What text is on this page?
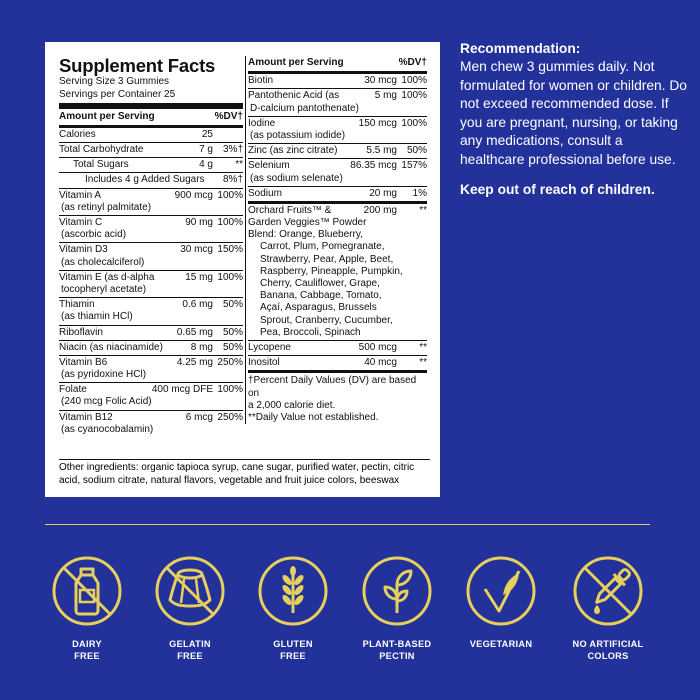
Supplement Facts
Serving Size 3 Gummies
Servings per Container 25
Amount per Serving	%DV†
Calories	25
Total Carbohydrate	7 g 3%†
Total Sugars	4 g	**
Includes 4 g Added Sugars	8%†
Vitamin A	900 mcg 100%
(as retinyl palmitate)
Vitamin C	90 mg 100%
(ascorbic acid)
Vitamin D3	30 mcg 150%
(as cholecalciferol)
Vitamin E (as d-alpha	15 mg 100%
tocopheryl acetate)
Thiamin	0.6 mg 50%
(as thiamin HCl)
Riboflavin	0.65 mg 50%
Niacin (as niacinamide)	8 mg 50%
Vitamin B6	4.25 mg 250%
(as pyridoxine HCl)
Folate	400 mcg DFE 100%
(240 mcg Folic Acid)
Vitamin B12	6 mcg 250%
(as cyanocobalamin)
Amount per Serving	%DV†
Biotin	30 mcg 100%
Pantothenic Acid (as	5 mg 100%
D-calcium pantothenate)
Iodine	150 mcg 100%
(as potassium iodide)
Zinc (as zinc citrate)	5.5 mg 50%
Selenium	86.35 mcg 157%
(as sodium selenate)
Sodium	20 mg	1%
Orchard Fruits™ &	200 mg	**
Garden Veggies™ Powder
Blend: Orange, Blueberry,
Carrot, Plum, Pomegranate,
Strawberry, Pear, Apple, Beet,
Raspberry, Pineapple, Pumpkin,
Cherry, Cauliflower, Grape,
Banana, Cabbage, Tomato,
Açaí, Asparagus, Brussels
Sprout, Cranberry, Cucumber,
Pea, Broccoli, Spinach
Lycopene	500 mcg	**
Inositol	40 mcg	**
†Percent Daily Values (DV) are based on
a 2,000 calorie diet.
**Daily Value not established.
Other ingredients: organic tapioca syrup, cane sugar, purified water, pectin, citric acid, sodium citrate, natural flavors, vegetable and fruit juice colors, beeswax
Recommendation:
Men chew 3 gummies daily. Not formulated for women or children. Do not exceed recommended dose. If you are pregnant, nursing, or taking any medications, consult a healthcare professional before use.
Keep out of reach of children.
DAIRY
FREE
GELATIN
FREE
GLUTEN
FREE
PLANT-BASED
PECTIN
VEGETARIAN	NO ARTIFICIAL
COLORS
